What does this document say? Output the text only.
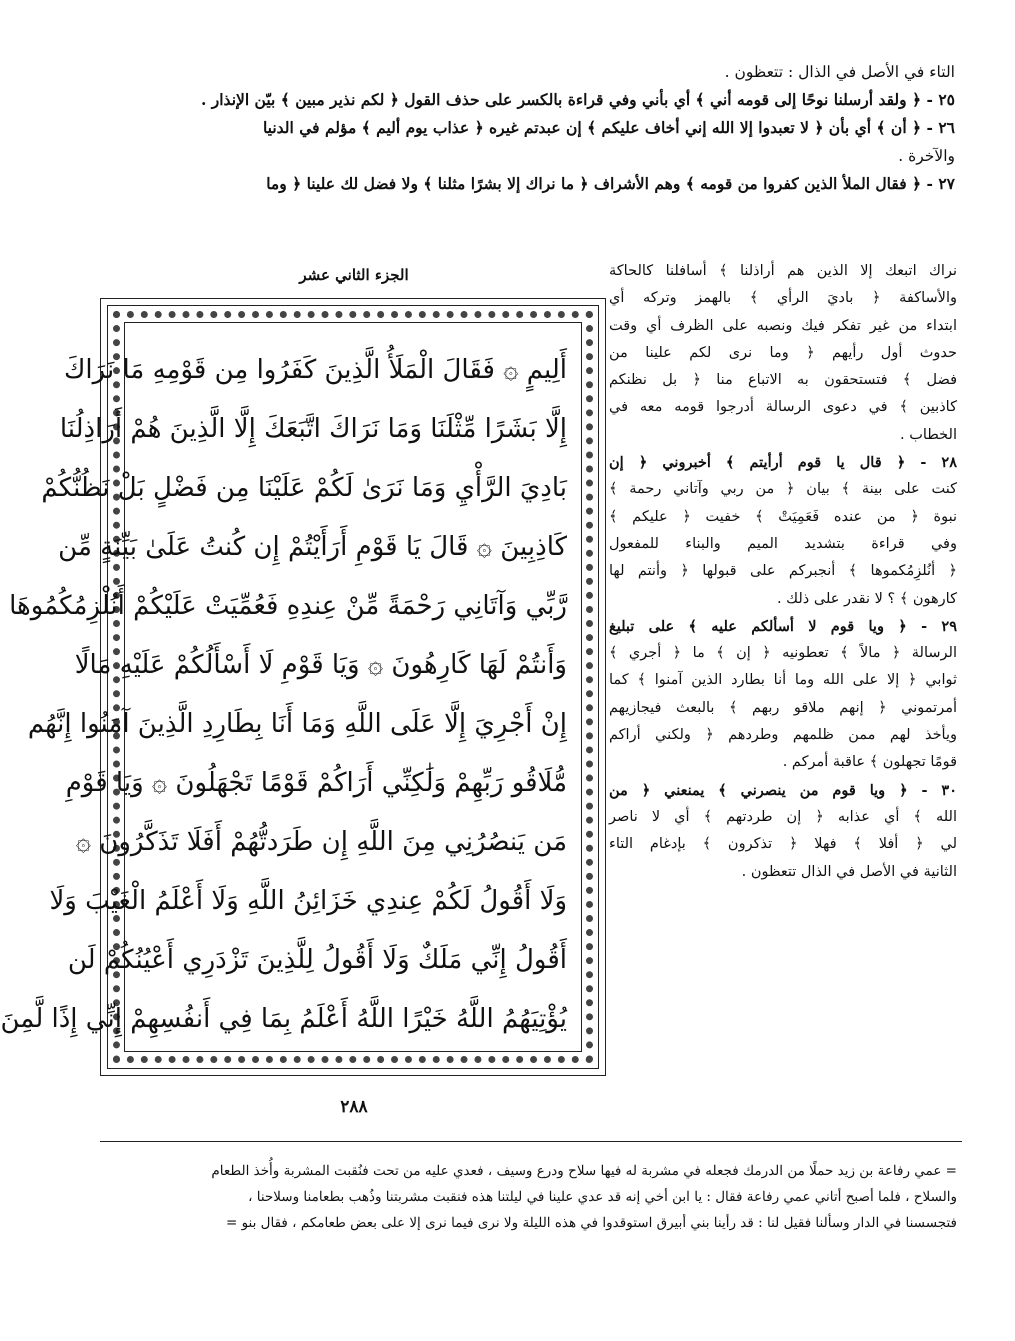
التاء في الأصل في الذال : تتعظون .
٢٥ - ﴿ ولقد أرسلنا نوحًا إلى قومه أني ﴾ أي بأني وفي قراءة بالكسر على حذف القول ﴿ لكم نذير مبين ﴾ بيّن الإنذار .
٢٦ - ﴿ أن ﴾ أي بأن ﴿ لا تعبدوا إلا الله إني أخاف عليكم ﴾ إن عبدتم غيره ﴿ عذاب يوم أليم ﴾ مؤلم في الدنيا
والآخرة .
٢٧ - ﴿ فقال الملأ الذين كفروا من قومه ﴾ وهم الأشراف ﴿ ما نراك إلا بشرًا مثلنا ﴾ ولا فضل لك علينا ﴿ وما
الجزء الثاني عشر
أَلِيمٍ ۞ فَقَالَ الْمَلَأُ الَّذِينَ كَفَرُوا مِن قَوْمِهِ مَا نَرَاكَ
إِلَّا بَشَرًا مِّثْلَنَا وَمَا نَرَاكَ اتَّبَعَكَ إِلَّا الَّذِينَ هُمْ أَرَاذِلُنَا
بَادِيَ الرَّأْيِ وَمَا نَرَىٰ لَكُمْ عَلَيْنَا مِن فَضْلٍ بَلْ نَظُنُّكُمْ
كَاذِبِينَ ۞ قَالَ يَا قَوْمِ أَرَأَيْتُمْ إِن كُنتُ عَلَىٰ بَيِّنَةٍ مِّن
رَّبِّي وَآتَانِي رَحْمَةً مِّنْ عِندِهِ فَعُمِّيَتْ عَلَيْكُمْ أَنُلْزِمُكُمُوهَا
وَأَنتُمْ لَهَا كَارِهُونَ ۞ وَيَا قَوْمِ لَا أَسْأَلُكُمْ عَلَيْهِ مَالًا
إِنْ أَجْرِيَ إِلَّا عَلَى اللَّهِ وَمَا أَنَا بِطَارِدِ الَّذِينَ آمَنُوا إِنَّهُم
مُّلَاقُو رَبِّهِمْ وَلَٰكِنِّي أَرَاكُمْ قَوْمًا تَجْهَلُونَ ۞ وَيَا قَوْمِ
مَن يَنصُرُنِي مِنَ اللَّهِ إِن طَرَدتُّهُمْ أَفَلَا تَذَكَّرُونَ ۞
وَلَا أَقُولُ لَكُمْ عِندِي خَزَائِنُ اللَّهِ وَلَا أَعْلَمُ الْغَيْبَ وَلَا
أَقُولُ إِنِّي مَلَكٌ وَلَا أَقُولُ لِلَّذِينَ تَزْدَرِي أَعْيُنُكُمْ لَن
يُؤْتِيَهُمُ اللَّهُ خَيْرًا اللَّهُ أَعْلَمُ بِمَا فِي أَنفُسِهِمْ إِنِّي إِذًا لَّمِنَ
٢٨٨
نراك اتبعك إلا الذين هم أراذلنا ﴾ أسافلنا كالحاكة
والأساكفة ﴿ باديَ الرأي ﴾ بالهمز وتركه أي
ابتداء من غير تفكر فيك ونصبه على الظرف أي وقت
حدوث أول رأيهم ﴿ وما نرى لكم علينا من
فضل ﴾ فتستحقون به الاتباع منا ﴿ بل نظنكم
كاذبين ﴾ في دعوى الرسالة أدرجوا قومه معه في
الخطاب .
٢٨ - ﴿ قال يا قوم أرأيتم ﴾ أخبروني ﴿ إن
كنت على بينة ﴾ بيان ﴿ من ربي وآتاني رحمة ﴾
نبوة ﴿ من عنده فَعَمِيَتْ ﴾ خفيت ﴿ عليكم ﴾
وفي قراءة بتشديد الميم والبناء للمفعول
﴿ أنُلزِمُكموها ﴾ أنجبركم على قبولها ﴿ وأنتم لها
كارهون ﴾ ؟ لا نقدر على ذلك .
٢٩ - ﴿ ويا قوم لا أسألكم عليه ﴾ على تبليغ
الرسالة ﴿ مالاً ﴾ تعطونيه ﴿ إن ﴾ ما ﴿ أجري ﴾
ثوابي ﴿ إلا على الله وما أنا بطارد الذين آمنوا ﴾ كما
أمرتموني ﴿ إنهم ملاقو ربهم ﴾ بالبعث فيجازيهم
ويأخذ لهم ممن ظلمهم وطردهم ﴿ ولكني أراكم
قومًا تجهلون ﴾ عاقبة أمركم .
٣٠ - ﴿ ويا قوم من ينصرني ﴾ يمنعني ﴿ من
الله ﴾ أي عذابه ﴿ إن طردتهم ﴾ أي لا ناصر
لي ﴿ أفلا ﴾ فهلا ﴿ تذكرون ﴾ بإدغام التاء
الثانية في الأصل في الذال تتعظون .
= عمي رفاعة بن زيد حملًا من الدرمك فجعله في مشربة له فيها سلاح ودرع وسيف ، فعدي عليه من تحت فنُقبت المشربة وأُخذ الطعام
والسلاح ، فلما أصبح أتاني عمي رفاعة فقال : يا ابن أخي إنه قد عدي علينا في ليلتنا هذه فنقبت مشربتنا وذُهب بطعامنا وسلاحنا ،
فتجسسنا في الدار وسألنا فقيل لنا : قد رأينا بني أبيرق استوقدوا في هذه الليلة ولا نرى فيما نرى إلا على بعض طعامكم ، فقال بنو =
